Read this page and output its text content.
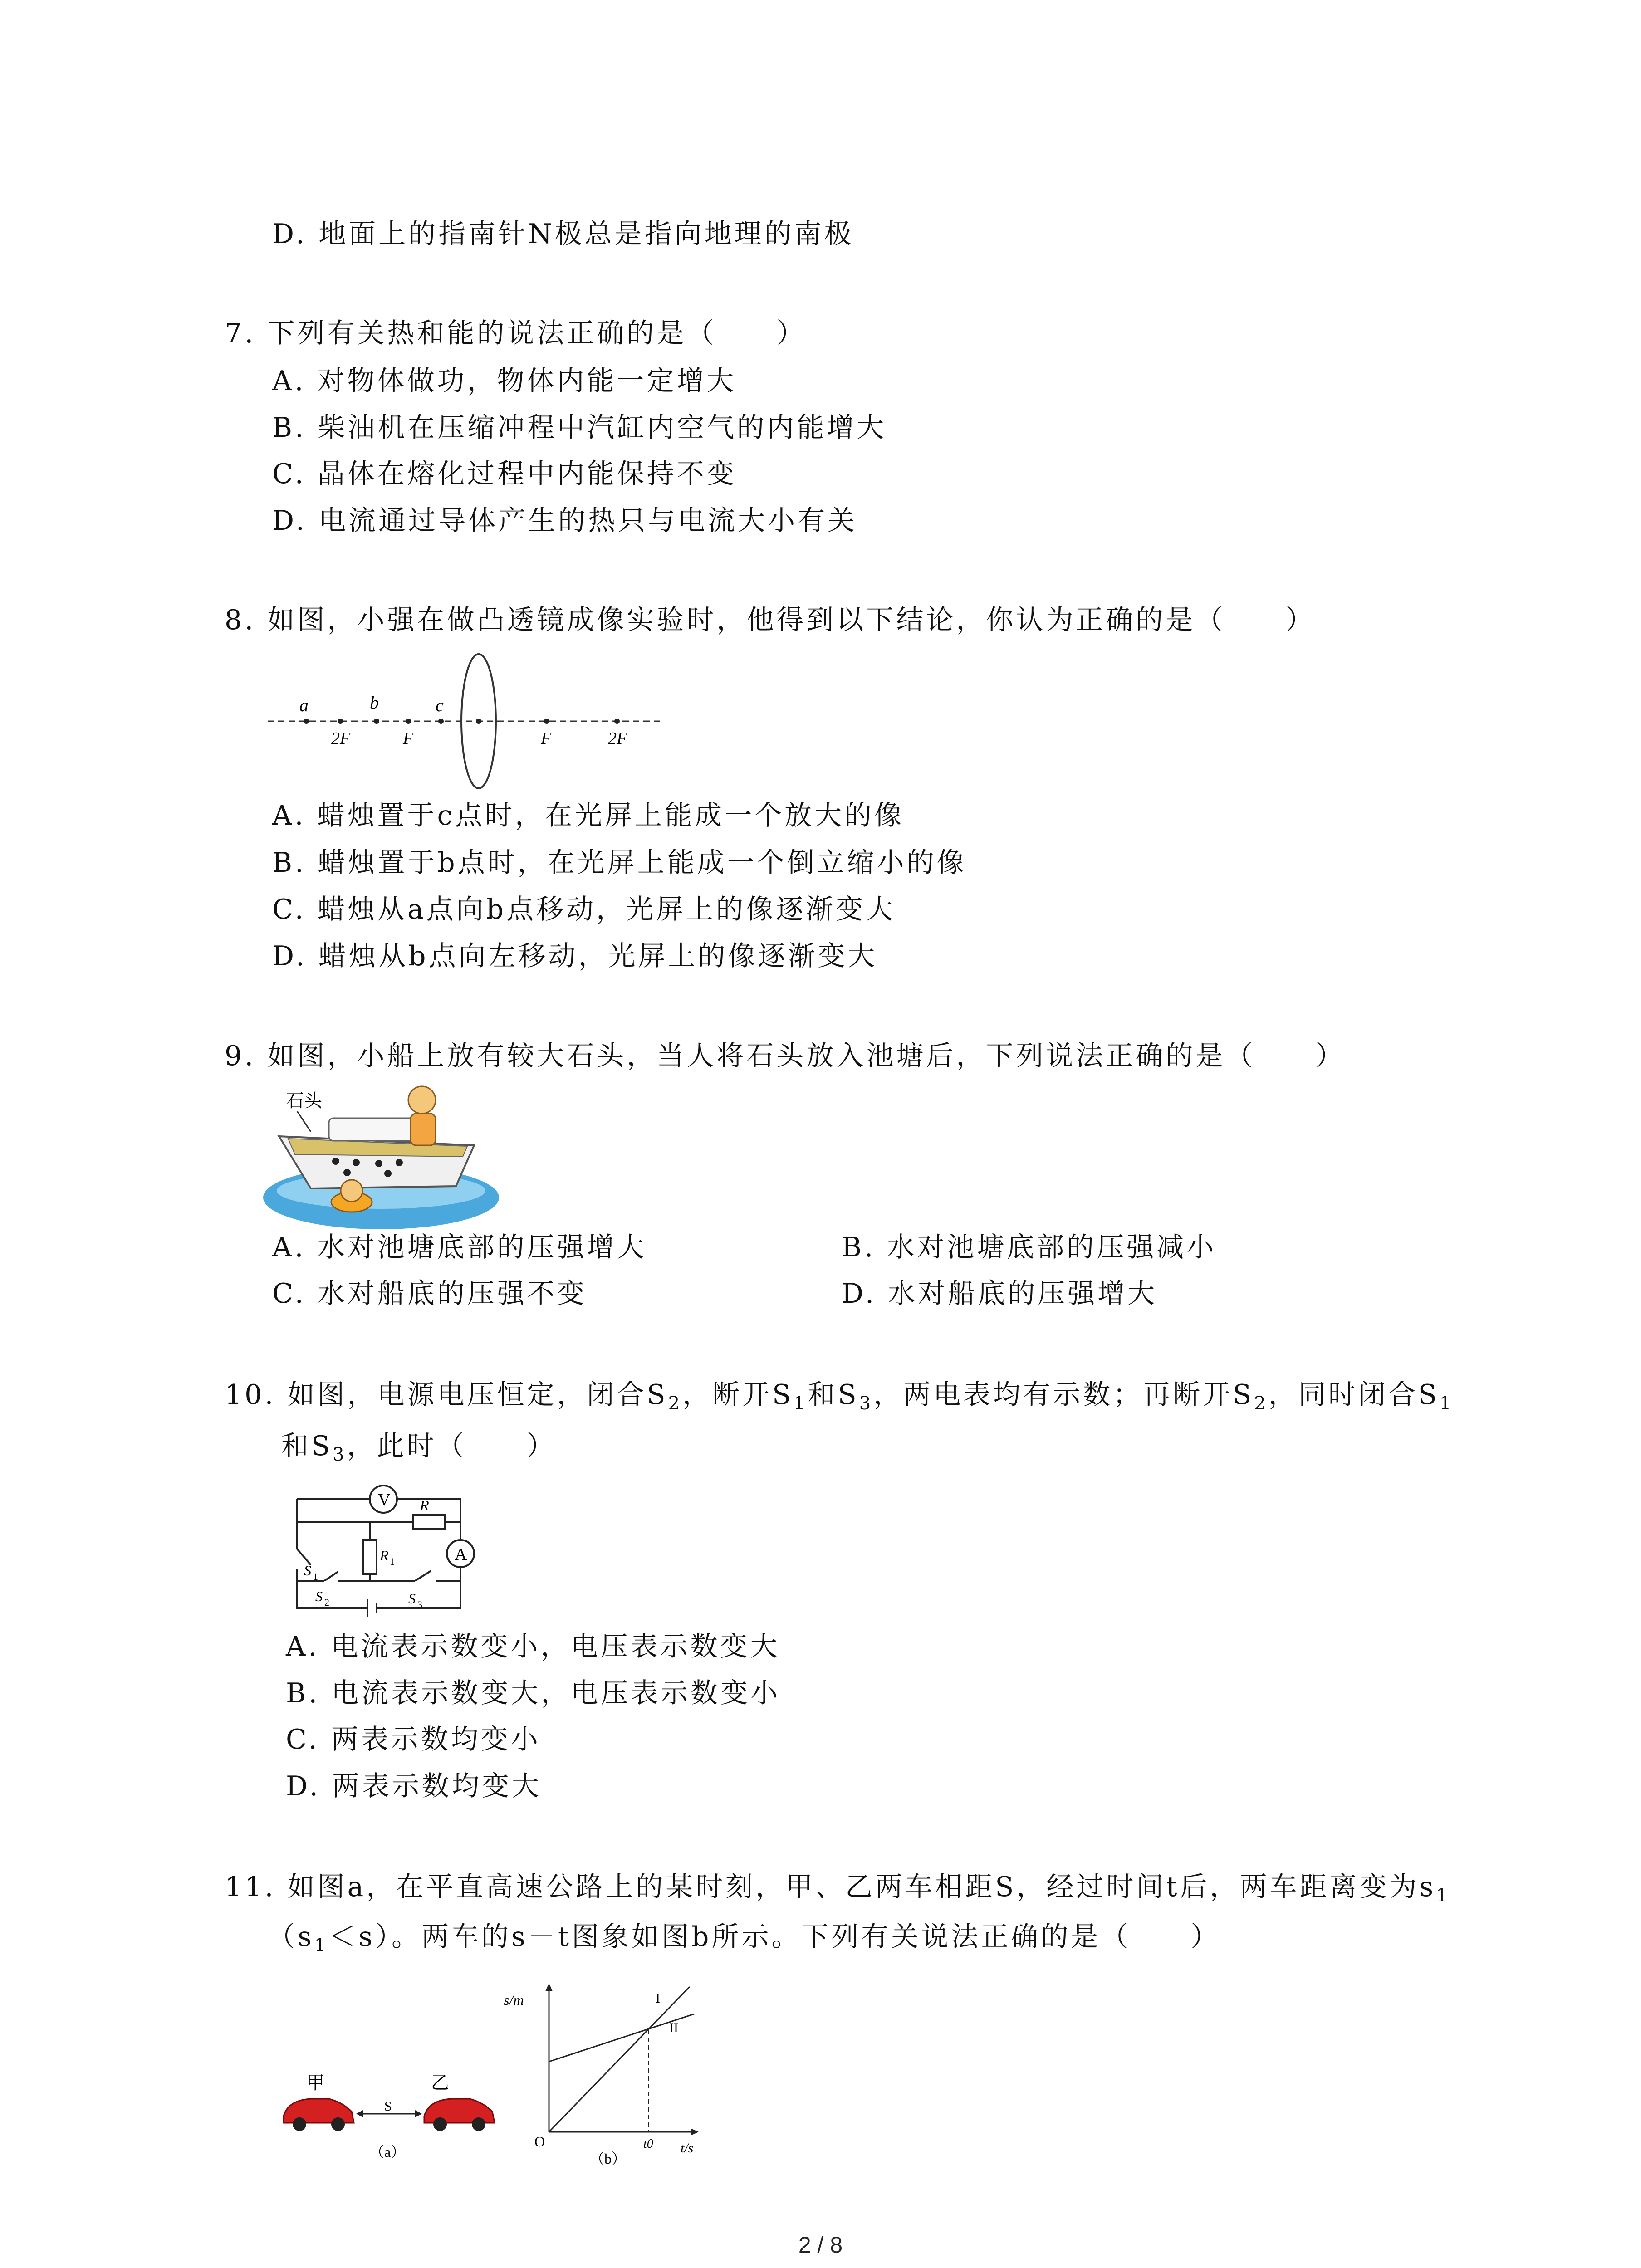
D. 地面上的指南针N极总是指向地理的南极
7. 下列有关热和能的说法正确的是（　　）
A. 对物体做功，物体内能一定增大
B. 柴油机在压缩冲程中汽缸内空气的内能增大
C. 晶体在熔化过程中内能保持不变
D. 电流通过导体产生的热只与电流大小有关
8. 如图，小强在做凸透镜成像实验时，他得到以下结论，你认为正确的是（　　）
a	b	c
2F	F	F	2F
A. 蜡烛置于c点时，在光屏上能成一个放大的像
B. 蜡烛置于b点时，在光屏上能成一个倒立缩小的像
C. 蜡烛从a点向b点移动，光屏上的像逐渐变大
D. 蜡烛从b点向左移动，光屏上的像逐渐变大
9. 如图，小船上放有较大石头，当人将石头放入池塘后，下列说法正确的是（　　）
石头
A. 水对池塘底部的压强增大	B. 水对池塘底部的压强减小
C. 水对船底的压强不变	D. 水对船底的压强增大
10. 如图，电源电压恒定，闭合$S_2$，断开$S_1$和$S_3$，两电表均有示数；再断开$S_2$，同时闭合$S_1$
和$S_3$，此时（　　）
V
A
R
R 1
S 1
S 2	S 3
A. 电流表示数变小，电压表示数变大
B. 电流表示数变大，电压表示数变小
C. 两表示数均变小
D. 两表示数均变大
11. 如图a，在平直高速公路上的某时刻，甲、乙两车相距S，经过时间t后，两车距离变为$s_1$
$(s_1<s)$。两车的s－t图象如图b所示。下列有关说法正确的是（　　）
甲	乙
S
（a）
s/m
t/s
O	t0
I
II
（b）
2 / 8
